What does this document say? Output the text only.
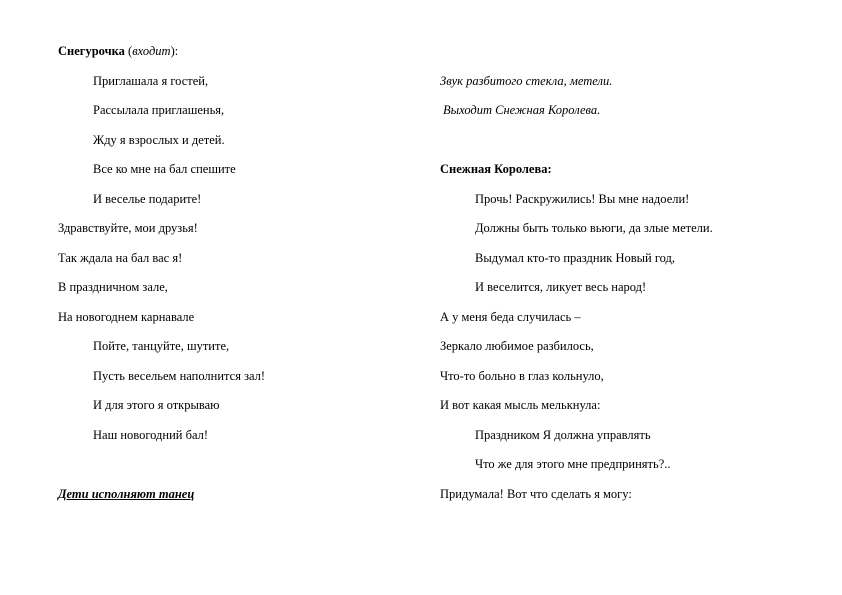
Снегурочка (входит):
Приглашала я гостей,
Рассылала приглашенья,
Жду я взрослых и детей.
Все ко мне на бал спешите
И веселье подарите!
Здравствуйте, мои друзья!
Так ждала на бал вас я!
В праздничном зале,
На новогоднем карнавале
Пойте, танцуйте, шутите,
Пусть весельем наполнится зал!
И для этого я открываю
Наш новогодний бал!
Дети исполняют танец
Звук разбитого стекла, метели.
Выходит Снежная Королева.
Снежная Королева:
Прочь! Раскружились! Вы мне надоели!
Должны быть только вьюги, да злые метели.
Выдумал кто-то праздник Новый год,
И веселится, ликует весь народ!
А у меня беда случилась –
Зеркало любимое разбилось,
Что-то больно в глаз кольнуло,
И вот какая мысль мелькнула:
Праздником Я должна управлять
Что же для этого мне предпринять?..
Придумала! Вот что сделать я могу:
